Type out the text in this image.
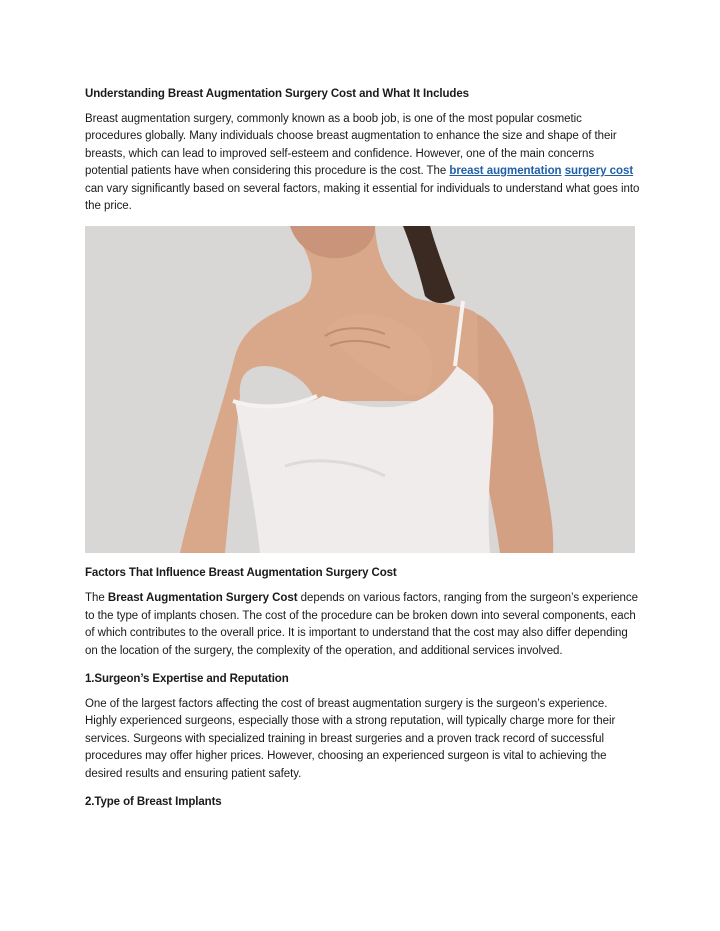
Understanding Breast Augmentation Surgery Cost and What It Includes

Breast augmentation surgery, commonly known as a boob job, is one of the most popular cosmetic procedures globally. Many individuals choose breast augmentation to enhance the size and shape of their breasts, which can lead to improved self-esteem and confidence. However, one of the main concerns potential patients have when considering this procedure is the cost. The breast augmentation surgery cost can vary significantly based on several factors, making it essential for individuals to understand what goes into the price.

Factors That Influence Breast Augmentation Surgery Cost

The Breast Augmentation Surgery Cost depends on various factors, ranging from the surgeon’s experience to the type of implants chosen. The cost of the procedure can be broken down into several components, each of which contributes to the overall price. It is important to understand that the cost may also differ depending on the location of the surgery, the complexity of the operation, and additional services involved.

1.Surgeon’s Expertise and Reputation

One of the largest factors affecting the cost of breast augmentation surgery is the surgeon’s experience. Highly experienced surgeons, especially those with a strong reputation, will typically charge more for their services. Surgeons with specialized training in breast surgeries and a proven track record of successful procedures may offer higher prices. However, choosing an experienced surgeon is vital to achieving the desired results and ensuring patient safety.

2.Type of Breast Implants
